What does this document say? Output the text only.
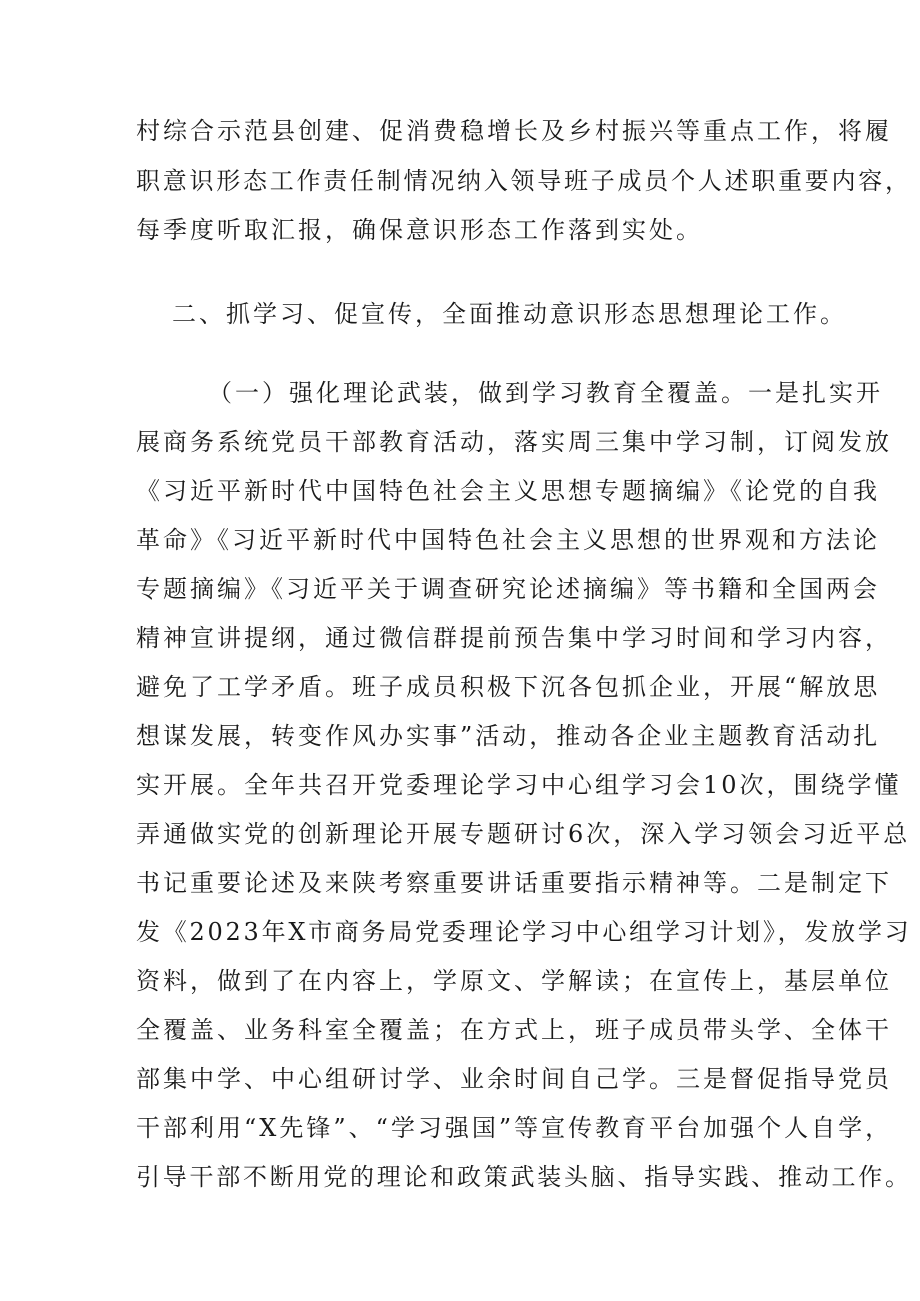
村综合示范县创建、促消费稳增长及乡村振兴等重点工作，将履
职意识形态工作责任制情况纳入领导班子成员个人述职重要内容，
每季度听取汇报，确保意识形态工作落到实处。
二、抓学习、促宣传，全面推动意识形态思想理论工作。
（一）强化理论武装，做到学习教育全覆盖。一是扎实开
展商务系统党员干部教育活动，落实周三集中学习制，订阅发放
《习近平新时代中国特色社会主义思想专题摘编》《论党的自我
革命》《习近平新时代中国特色社会主义思想的世界观和方法论
专题摘编》《习近平关于调查研究论述摘编》等书籍和全国两会
精神宣讲提纲，通过微信群提前预告集中学习时间和学习内容，
避免了工学矛盾。班子成员积极下沉各包抓企业，开展“解放思
想谋发展，转变作风办实事”活动，推动各企业主题教育活动扎
实开展。全年共召开党委理论学习中心组学习会10次，围绕学懂
弄通做实党的创新理论开展专题研讨6次，深入学习领会习近平总
书记重要论述及来陕考察重要讲话重要指示精神等。二是制定下
发《2023年X市商务局党委理论学习中心组学习计划》，发放学习
资料，做到了在内容上，学原文、学解读；在宣传上，基层单位
全覆盖、业务科室全覆盖；在方式上，班子成员带头学、全体干
部集中学、中心组研讨学、业余时间自己学。三是督促指导党员
干部利用“X先锋”、“学习强国”等宣传教育平台加强个人自学，
引导干部不断用党的理论和政策武装头脑、指导实践、推动工作。
